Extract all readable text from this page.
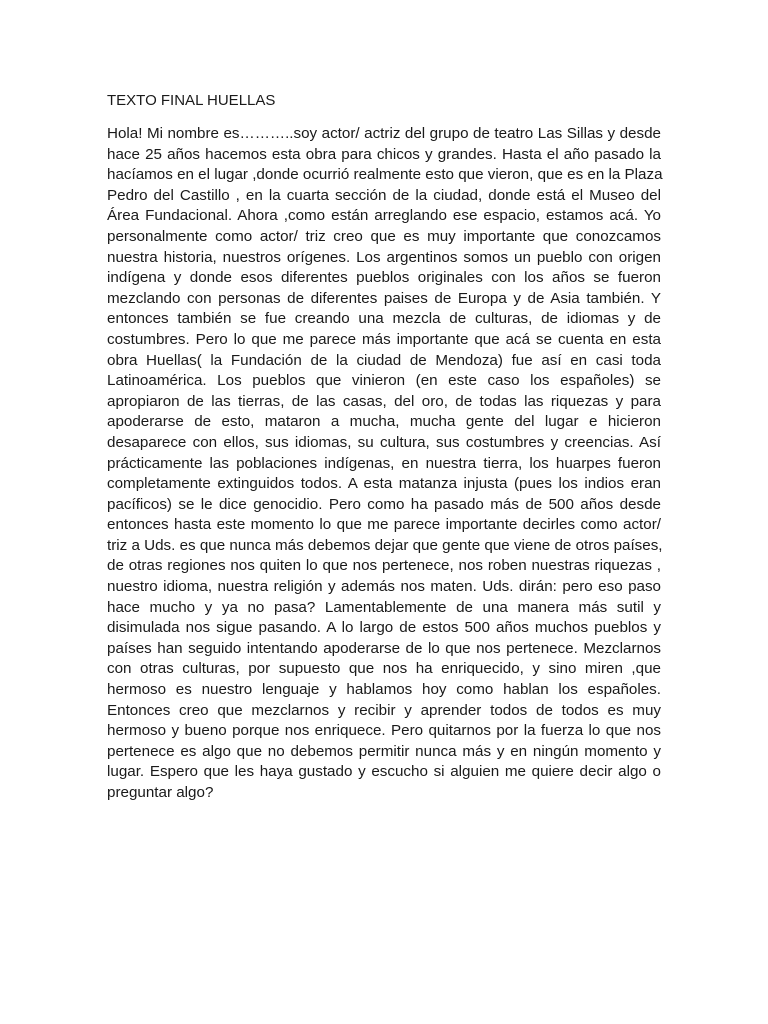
TEXTO FINAL HUELLAS

Hola! Mi nombre es………..soy actor/ actriz del grupo de teatro Las Sillas y desde
hace 25 años hacemos esta obra para chicos y grandes. Hasta el año pasado la
hacíamos en el lugar ,donde ocurrió realmente esto que vieron, que es en la Plaza
Pedro del Castillo , en la cuarta sección de la ciudad, donde está el Museo del
Área Fundacional. Ahora ,como están arreglando ese espacio, estamos acá. Yo
personalmente como actor/ triz creo que es muy importante que conozcamos
nuestra historia, nuestros orígenes. Los argentinos somos un pueblo con origen
indígena y donde esos diferentes pueblos originales con los años se fueron
mezclando con personas de diferentes paises de Europa y de Asia también. Y
entonces también se fue creando una mezcla de culturas, de idiomas y de
costumbres. Pero lo que me parece más importante que acá se cuenta en esta
obra Huellas( la Fundación de la ciudad de Mendoza) fue así en casi toda
Latinoamérica. Los pueblos que vinieron (en este caso los españoles) se
apropiaron de las tierras, de las casas, del oro, de todas las riquezas y para
apoderarse de esto, mataron a mucha, mucha gente del lugar e hicieron
desaparece con ellos, sus idiomas, su cultura, sus costumbres y creencias. Así
prácticamente las poblaciones indígenas, en nuestra tierra, los huarpes fueron
completamente extinguidos todos. A esta matanza injusta (pues los indios eran
pacíficos) se le dice genocidio. Pero como ha pasado más de 500 años desde
entonces hasta este momento lo que me parece importante decirles como actor/
triz a Uds. es que nunca más debemos dejar que gente que viene de otros países,
de otras regiones nos quiten lo que nos pertenece, nos roben nuestras riquezas ,
nuestro idioma, nuestra religión y además nos maten. Uds. dirán: pero eso paso
hace mucho y ya no pasa? Lamentablemente de una manera más sutil y
disimulada nos sigue pasando. A lo largo de estos 500 años muchos pueblos y
países han seguido intentando apoderarse de lo que nos pertenece. Mezclarnos
con otras culturas, por supuesto que nos ha enriquecido, y sino miren ,que
hermoso es nuestro lenguaje y hablamos hoy como hablan los españoles.
Entonces creo que mezclarnos y recibir y aprender todos de todos es muy
hermoso y bueno porque nos enriquece. Pero quitarnos por la fuerza lo que nos
pertenece es algo que no debemos permitir nunca más y en ningún momento y
lugar. Espero que les haya gustado y escucho si alguien me quiere decir algo o
preguntar algo?
